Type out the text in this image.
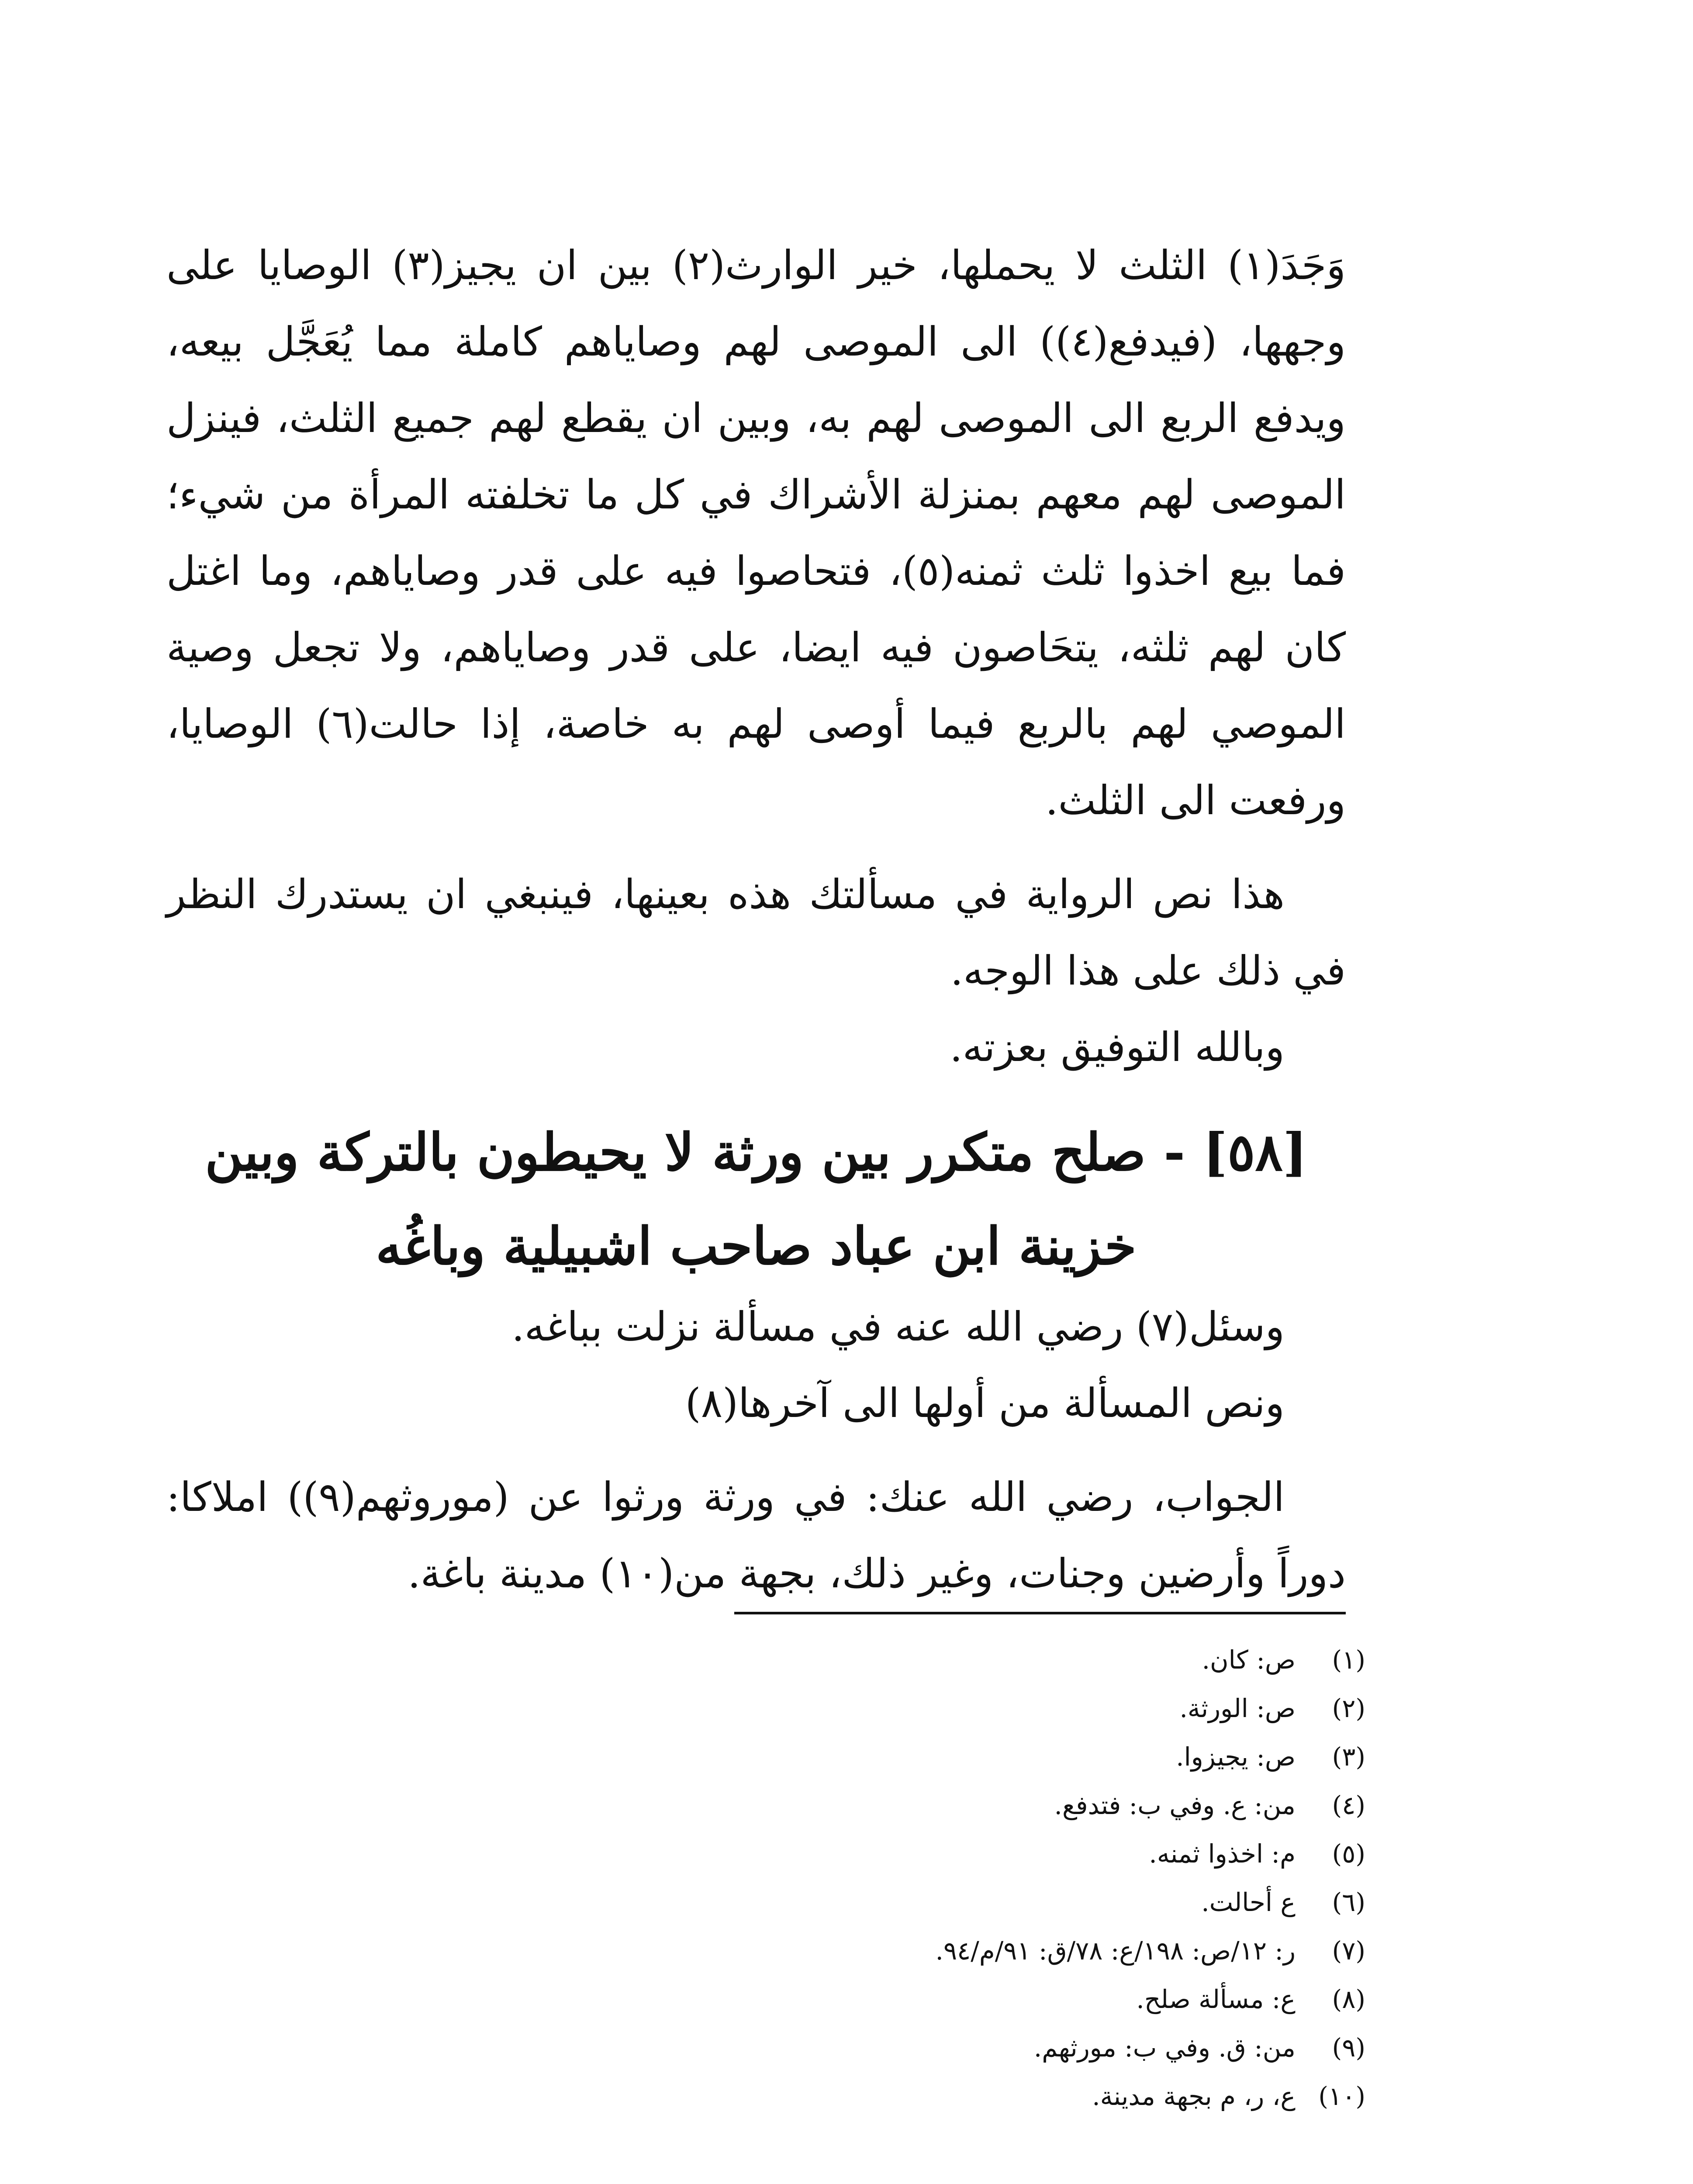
وَجَدَ(١) الثلث لا يحملها، خير الوارث(٢) بين ان يجيز(٣) الوصايا على وجهها، (فيدفع(٤)) الى الموصى لهم وصاياهم كاملة مما يُعَجَّل بيعه، ويدفع الربع الى الموصى لهم به، وبين ان يقطع لهم جميع الثلث، فينزل الموصى لهم معهم بمنزلة الأشراك في كل ما تخلفته المرأة من شيء؛ فما بيع اخذوا ثلث ثمنه(٥)، فتحاصوا فيه على قدر وصاياهم، وما اغتل كان لهم ثلثه، يتحَاصون فيه ايضا، على قدر وصاياهم، ولا تجعل وصية الموصي لهم بالربع فيما أوصى لهم به خاصة، إذا حالت(٦) الوصايا، ورفعت الى الثلث.

هذا نص الرواية في مسألتك هذه بعينها، فينبغي ان يستدرك النظر في ذلك على هذا الوجه.

وبالله التوفيق بعزته.

[٥٨] - صلح متكرر بين ورثة لا يحيطون بالتركة وبين خزينة ابن عباد صاحب اشبيلية وباغُه

وسئل(٧) رضي الله عنه في مسألة نزلت بباغه.

ونص المسألة من أولها الى آخرها(٨)

الجواب، رضي الله عنك: في ورثة ورثوا عن (موروثهم(٩)) املاكا: دوراً وأرضين وجنات، وغير ذلك، بجهة من(١٠) مدينة باغة.

(١)
ص: كان.
(٢)
ص: الورثة.
(٣)
ص: يجيزوا.
(٤)
من: ع. وفي ب: فتدفع.
(٥)
م: اخذوا ثمنه.
(٦)
ع أحالت.
(٧)
ر: ١٢/ص: ١٩٨/ع: ٧٨/ق: ٩١/م/٩٤.
(٨)
ع: مسألة صلح.
(٩)
من: ق. وفي ب: مورثهم.
(١٠)
ع، ر، م بجهة مدينة.
